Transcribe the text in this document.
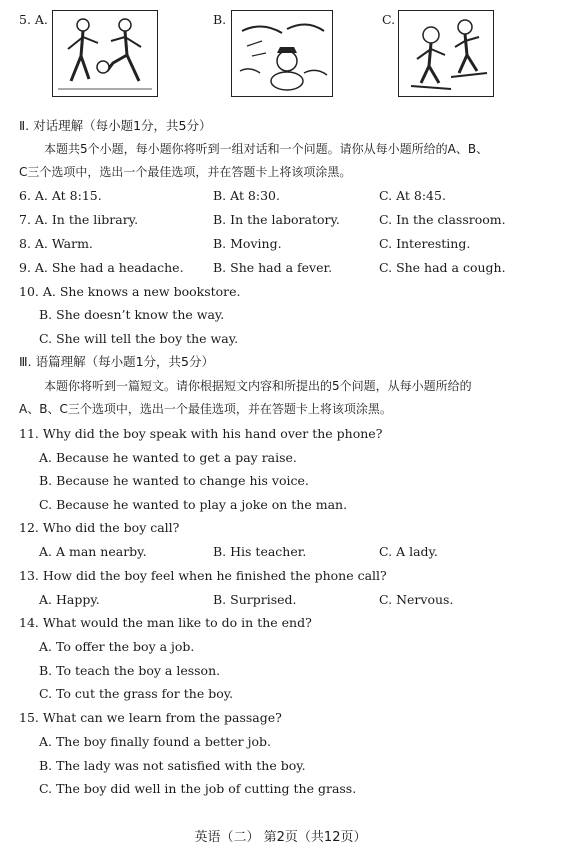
5. A.	B.	C.
Ⅱ. 对话理解（每小题1分，共5分）
本题共5个小题，每小题你将听到一组对话和一个问题。请你从每小题所给的A、B、
C三个选项中，选出一个最佳选项，并在答题卡上将该项涂黑。
6. A. At 8:15.	B. At 8:30.	C. At 8:45.
7. A. In the library.	B. In the laboratory.	C. In the classroom.
8. A. Warm.	B. Moving.	C. Interesting.
9. A. She had a headache. B. She had a fever.	C. She had a cough.
10. A. She knows a new bookstore.
B. She doesn’t know the way.
C. She will tell the boy the way.
Ⅲ. 语篇理解（每小题1分，共5分）
本题你将听到一篇短文。请你根据短文内容和所提出的5个问题，从每小题所给的
A、B、C三个选项中，选出一个最佳选项，并在答题卡上将该项涂黑。
11. Why did the boy speak with his hand over the phone?
A. Because he wanted to get a pay raise.
B. Because he wanted to change his voice.
C. Because he wanted to play a joke on the man.
12. Who did the boy call?
A. A man nearby.	B. His teacher.	C. A lady.
13. How did the boy feel when he finished the phone call?
A. Happy.	B. Surprised.	C. Nervous.
14. What would the man like to do in the end?
A. To offer the boy a job.
B. To teach the boy a lesson.
C. To cut the grass for the boy.
15. What can we learn from the passage?
A. The boy finally found a better job.
B. The lady was not satisfied with the boy.
C. The boy did well in the job of cutting the grass.
英语（二） 第2页（共12页）
